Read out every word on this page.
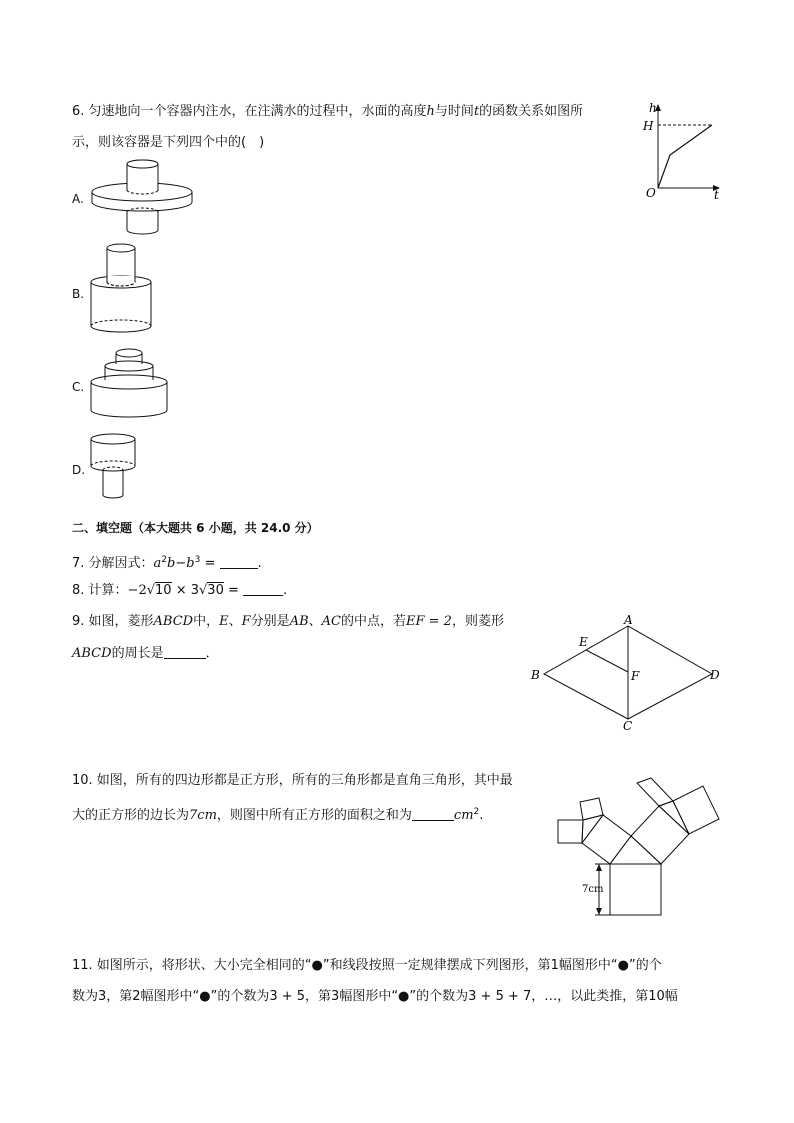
6. 匀速地向一个容器内注水，在注满水的过程中，水面的高度h与时间t的函数关系如图所
示，则该容器是下列四个中的(　)
h
H
O	t
A.
B.
C.
D.
二、填空题（本大题共 6 小题，共 24.0 分）
7. 分解因式：$a^2b-b^3$ =	.
8. 计算：−2√10 × 3√30 =	.
9. 如图，菱形ABCD中，E、F分别是AB、AC的中点，若EF = 2，则菱形
ABCD的周长是	．
A
B
C
D
E
F
10. 如图，所有的四边形都是正方形，所有的三角形都是直角三角形，其中最
大的正方形的边长为7cm，则图中所有正方形的面积之和为	$cm^2$.
7cm
11. 如图所示，将形状、大小完全相同的“●”和线段按照一定规律摆成下列图形，第1幅图形中“●”的个
数为3，第2幅图形中“●”的个数为3 + 5，第3幅图形中“●”的个数为3 + 5 + 7，…，以此类推，第10幅
